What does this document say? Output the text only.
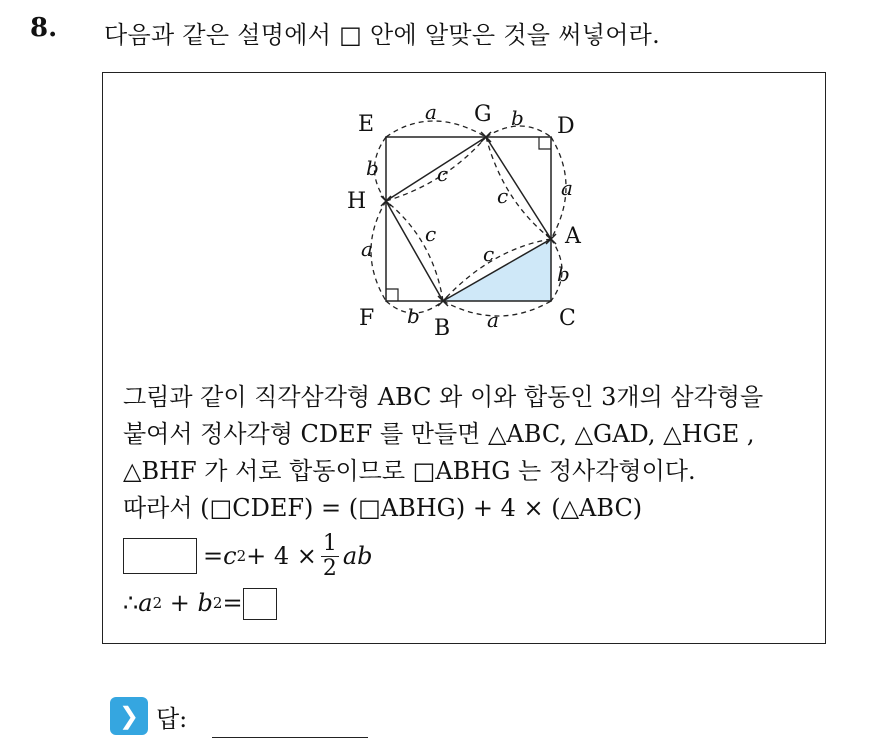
8. 다음과 같은 설명에서 □ 안에 알맞은 것을 써넣어라.
E	G	D
H
A
F	B	C
a	b
b
a
a
b
b	a
c
c
c
c
그림과 같이 직각삼각형 ABC 와 이와 합동인 3개의 삼각형을
붙여서 정사각형 CDEF 를 만들면 △ABC, △GAD, △HGE ,
△BHF 가 서로 합동이므로 □ABHG 는 정사각형이다.
따라서 (□CDEF) = (□ABHG) + 4 × (△ABC)
= c $2 + 4 \times \frac{1}{2}$ ab
∴ a 2 + b 2 =
❯ 답:
